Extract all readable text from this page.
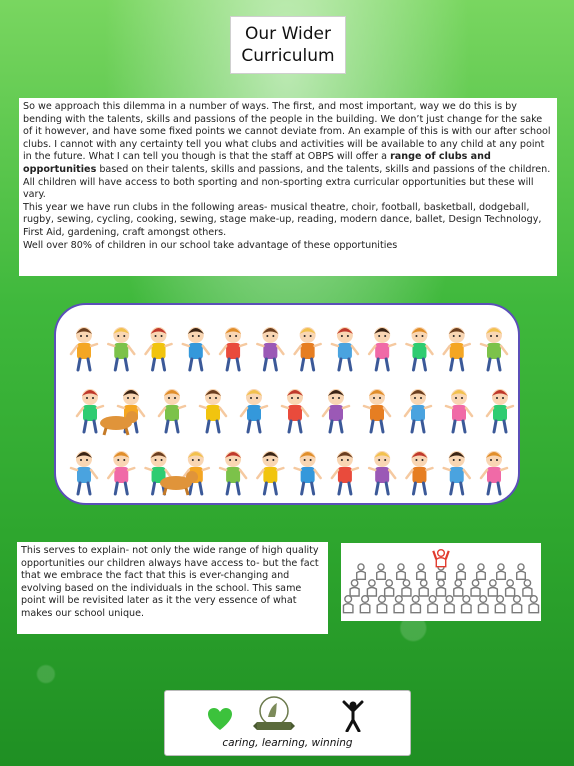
Our Wider
Curriculum

So we approach this dilemma in a number of ways. The first, and most important, way we do this is by bending with the talents, skills and passions of the people in the building. We don’t just change for the sake of it however, and have some fixed points we cannot deviate from. An example of this is with our after school clubs. I cannot with any certainty tell you what clubs and activities will be available to any child at any point in the future. What I can tell you though is that the staff at OBPS will offer a range of clubs and opportunities based on their talents, skills and passions, and the talents, skills and passions of the children. All children will have access to both sporting and non-sporting extra curricular opportunities but these will vary.

This year we have run clubs in the following areas- musical theatre, choir, football, basketball, dodgeball, rugby, sewing, cycling, cooking, sewing, stage make-up, reading, modern dance, ballet, Design Technology, First Aid, gardening, craft amongst others.

Well over 80% of children in our school take advantage of these opportunities

This serves to explain- not only the wide range of high quality opportunities our children always have access to- but the fact that we embrace the fact that this is ever-changing and evolving based on the individuals in the school. This same point will be revisited later as it the very essence of what makes our school unique.
caring, learning, winning
